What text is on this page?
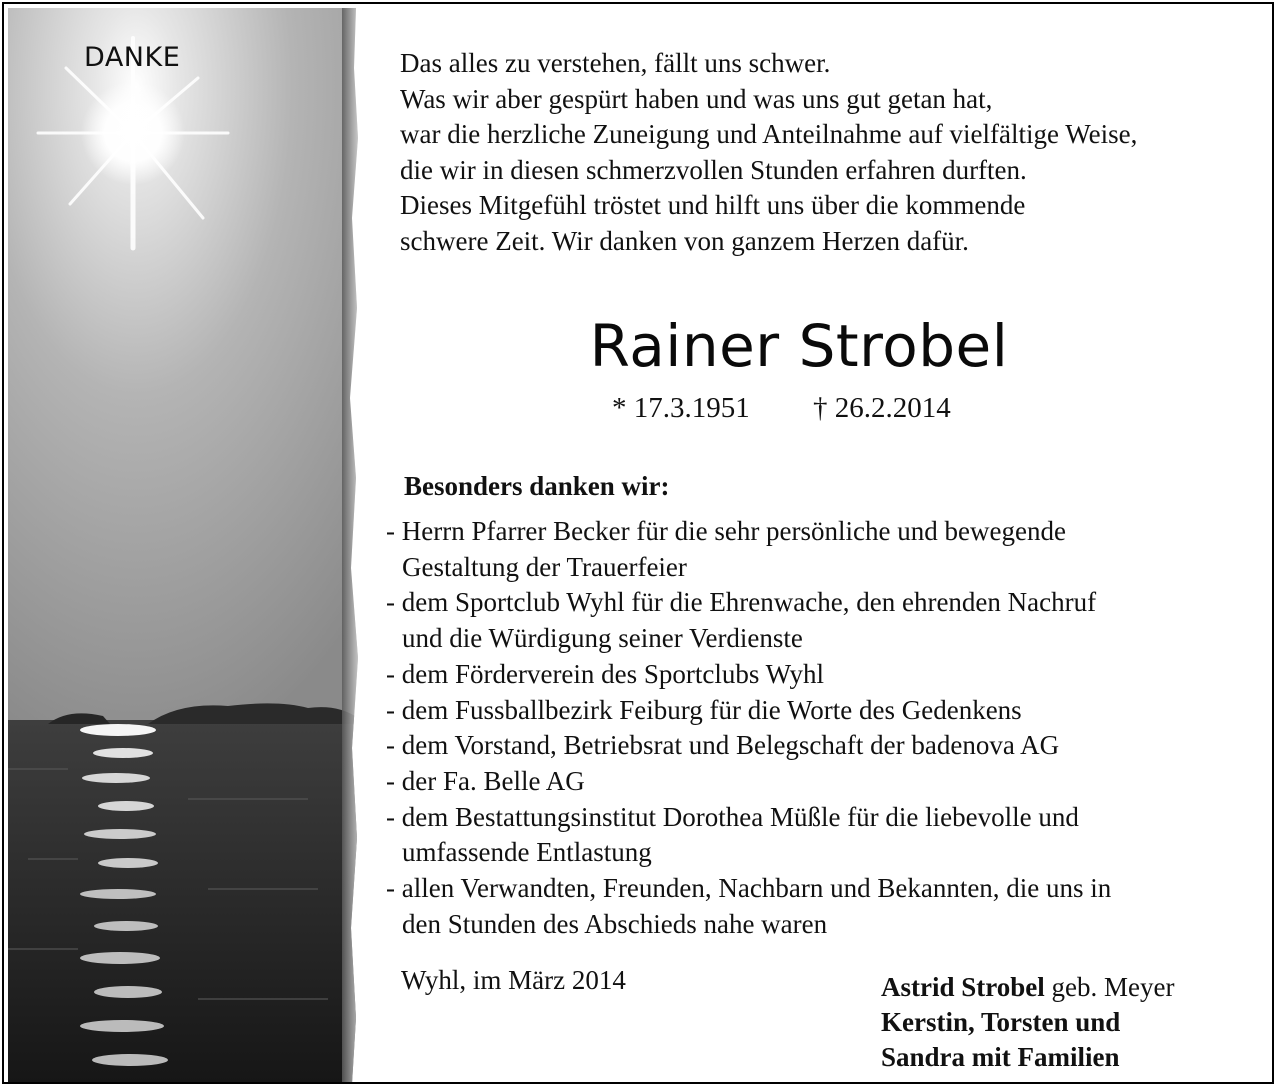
DANKE	Das alles zu verstehen, fällt uns schwer.
Was wir aber gespürt haben und was uns gut getan hat,
war die herzliche Zuneigung und Anteilnahme auf vielfältige Weise,
die wir in diesen schmerzvollen Stunden erfahren durften.
Dieses Mitgefühl tröstet und hilft uns über die kommende
schwere Zeit. Wir danken von ganzem Herzen dafür.
Rainer Strobel
* 17.3.1951 † 26.2.2014
Besonders danken wir:
- Herrn Pfarrer Becker für die sehr persönliche und bewegende
Gestaltung der Trauerfeier
- dem Sportclub Wyhl für die Ehrenwache, den ehrenden Nachruf
und die Würdigung seiner Verdienste
- dem Förderverein des Sportclubs Wyhl
- dem Fussballbezirk Feiburg für die Worte des Gedenkens
- dem Vorstand, Betriebsrat und Belegschaft der badenova AG
- der Fa. Belle AG
- dem Bestattungsinstitut Dorothea Müßle für die liebevolle und
umfassende Entlastung
- allen Verwandten, Freunden, Nachbarn und Bekannten, die uns in
den Stunden des Abschieds nahe waren
Wyhl, im März 2014	Astrid Strobel geb. Meyer
Kerstin, Torsten und
Sandra mit Familien
